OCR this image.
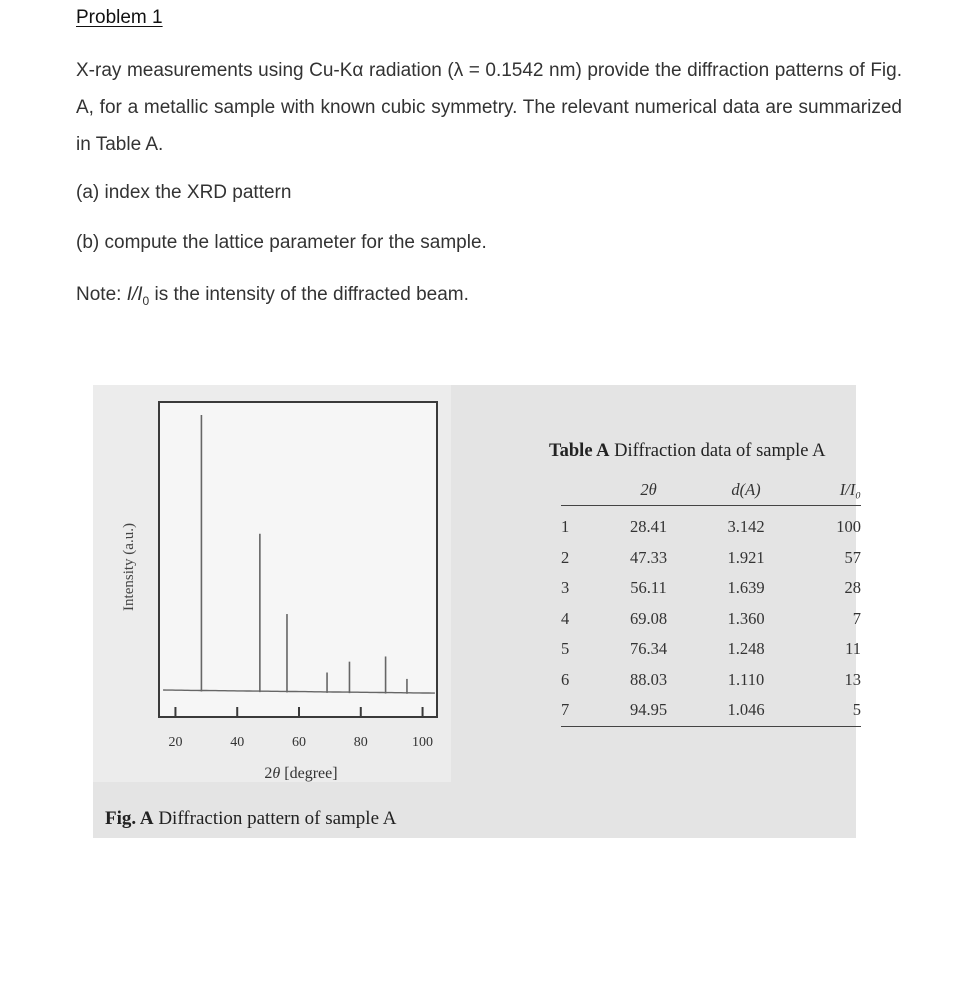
Problem 1

X-ray measurements using Cu-Kα radiation (λ = 0.1542 nm) provide the diffraction patterns of Fig. A, for a metallic sample with known cubic symmetry. The relevant numerical data are summarized in Table A.

(a) index the XRD pattern

(b) compute the lattice parameter for the sample.

Note: $I/I_0$ is the intensity of the diffracted beam.

20	40	60	80	100
Intensity (a.u.)
2θ [degree]
Fig. A Diffraction pattern of sample A
Table A Diffraction data of sample A
	2θ	d(A)	I/I₀
1	28.41	3.142	100
2	47.33	1.921	57
3	56.11	1.639	28
4	69.08	1.360	7
5	76.34	1.248	11
6	88.03	1.110	13
7	94.95	1.046	5
